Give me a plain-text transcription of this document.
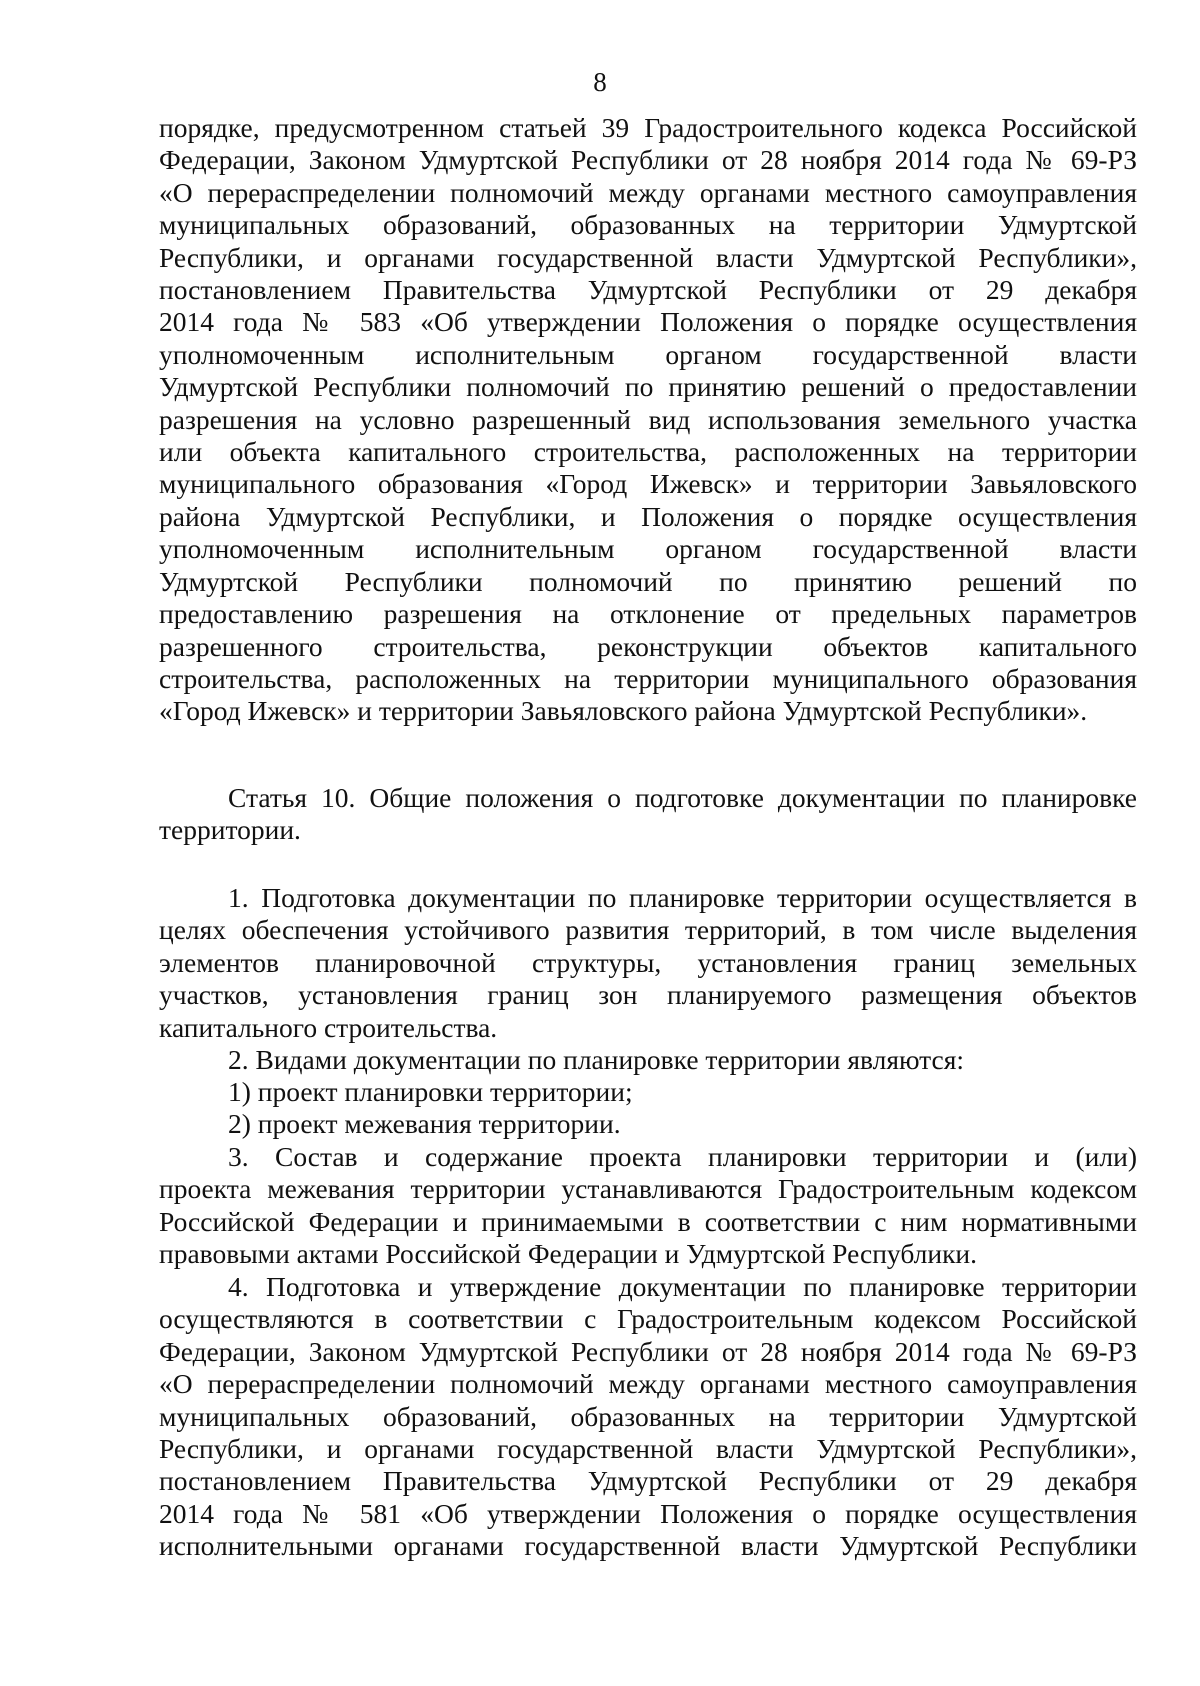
8
порядке, предусмотренном статьей 39 Градостроительного кодекса Российской
Федерации, Законом Удмуртской Республики от 28 ноября 2014 года № 69-РЗ
«О перераспределении полномочий между органами местного самоуправления
муниципальных образований, образованных на территории Удмуртской
Республики, и органами государственной власти Удмуртской Республики»,
постановлением Правительства Удмуртской Республики от 29 декабря
2014 года № 583 «Об утверждении Положения о порядке осуществления
уполномоченным исполнительным органом государственной власти
Удмуртской Республики полномочий по принятию решений о предоставлении
разрешения на условно разрешенный вид использования земельного участка
или объекта капитального строительства, расположенных на территории
муниципального образования «Город Ижевск» и территории Завьяловского
района Удмуртской Республики, и Положения о порядке осуществления
уполномоченным исполнительным органом государственной власти
Удмуртской Республики полномочий по принятию решений по
предоставлению разрешения на отклонение от предельных параметров
разрешенного строительства, реконструкции объектов капитального
строительства, расположенных на территории муниципального образования
«Город Ижевск» и территории Завьяловского района Удмуртской Республики».
Статья 10. Общие положения о подготовке документации по планировке
территории.
1. Подготовка документации по планировке территории осуществляется в
целях обеспечения устойчивого развития территорий, в том числе выделения
элементов планировочной структуры, установления границ земельных
участков, установления границ зон планируемого размещения объектов
капитального строительства.
2. Видами документации по планировке территории являются:
1) проект планировки территории;
2) проект межевания территории.
3. Состав и содержание проекта планировки территории и (или)
проекта межевания территории устанавливаются Градостроительным кодексом
Российской Федерации и принимаемыми в соответствии с ним нормативными
правовыми актами Российской Федерации и Удмуртской Республики.
4. Подготовка и утверждение документации по планировке территории
осуществляются в соответствии с Градостроительным кодексом Российской
Федерации, Законом Удмуртской Республики от 28 ноября 2014 года № 69-РЗ
«О перераспределении полномочий между органами местного самоуправления
муниципальных образований, образованных на территории Удмуртской
Республики, и органами государственной власти Удмуртской Республики»,
постановлением Правительства Удмуртской Республики от 29 декабря
2014 года № 581 «Об утверждении Положения о порядке осуществления
исполнительными органами государственной власти Удмуртской Республики
